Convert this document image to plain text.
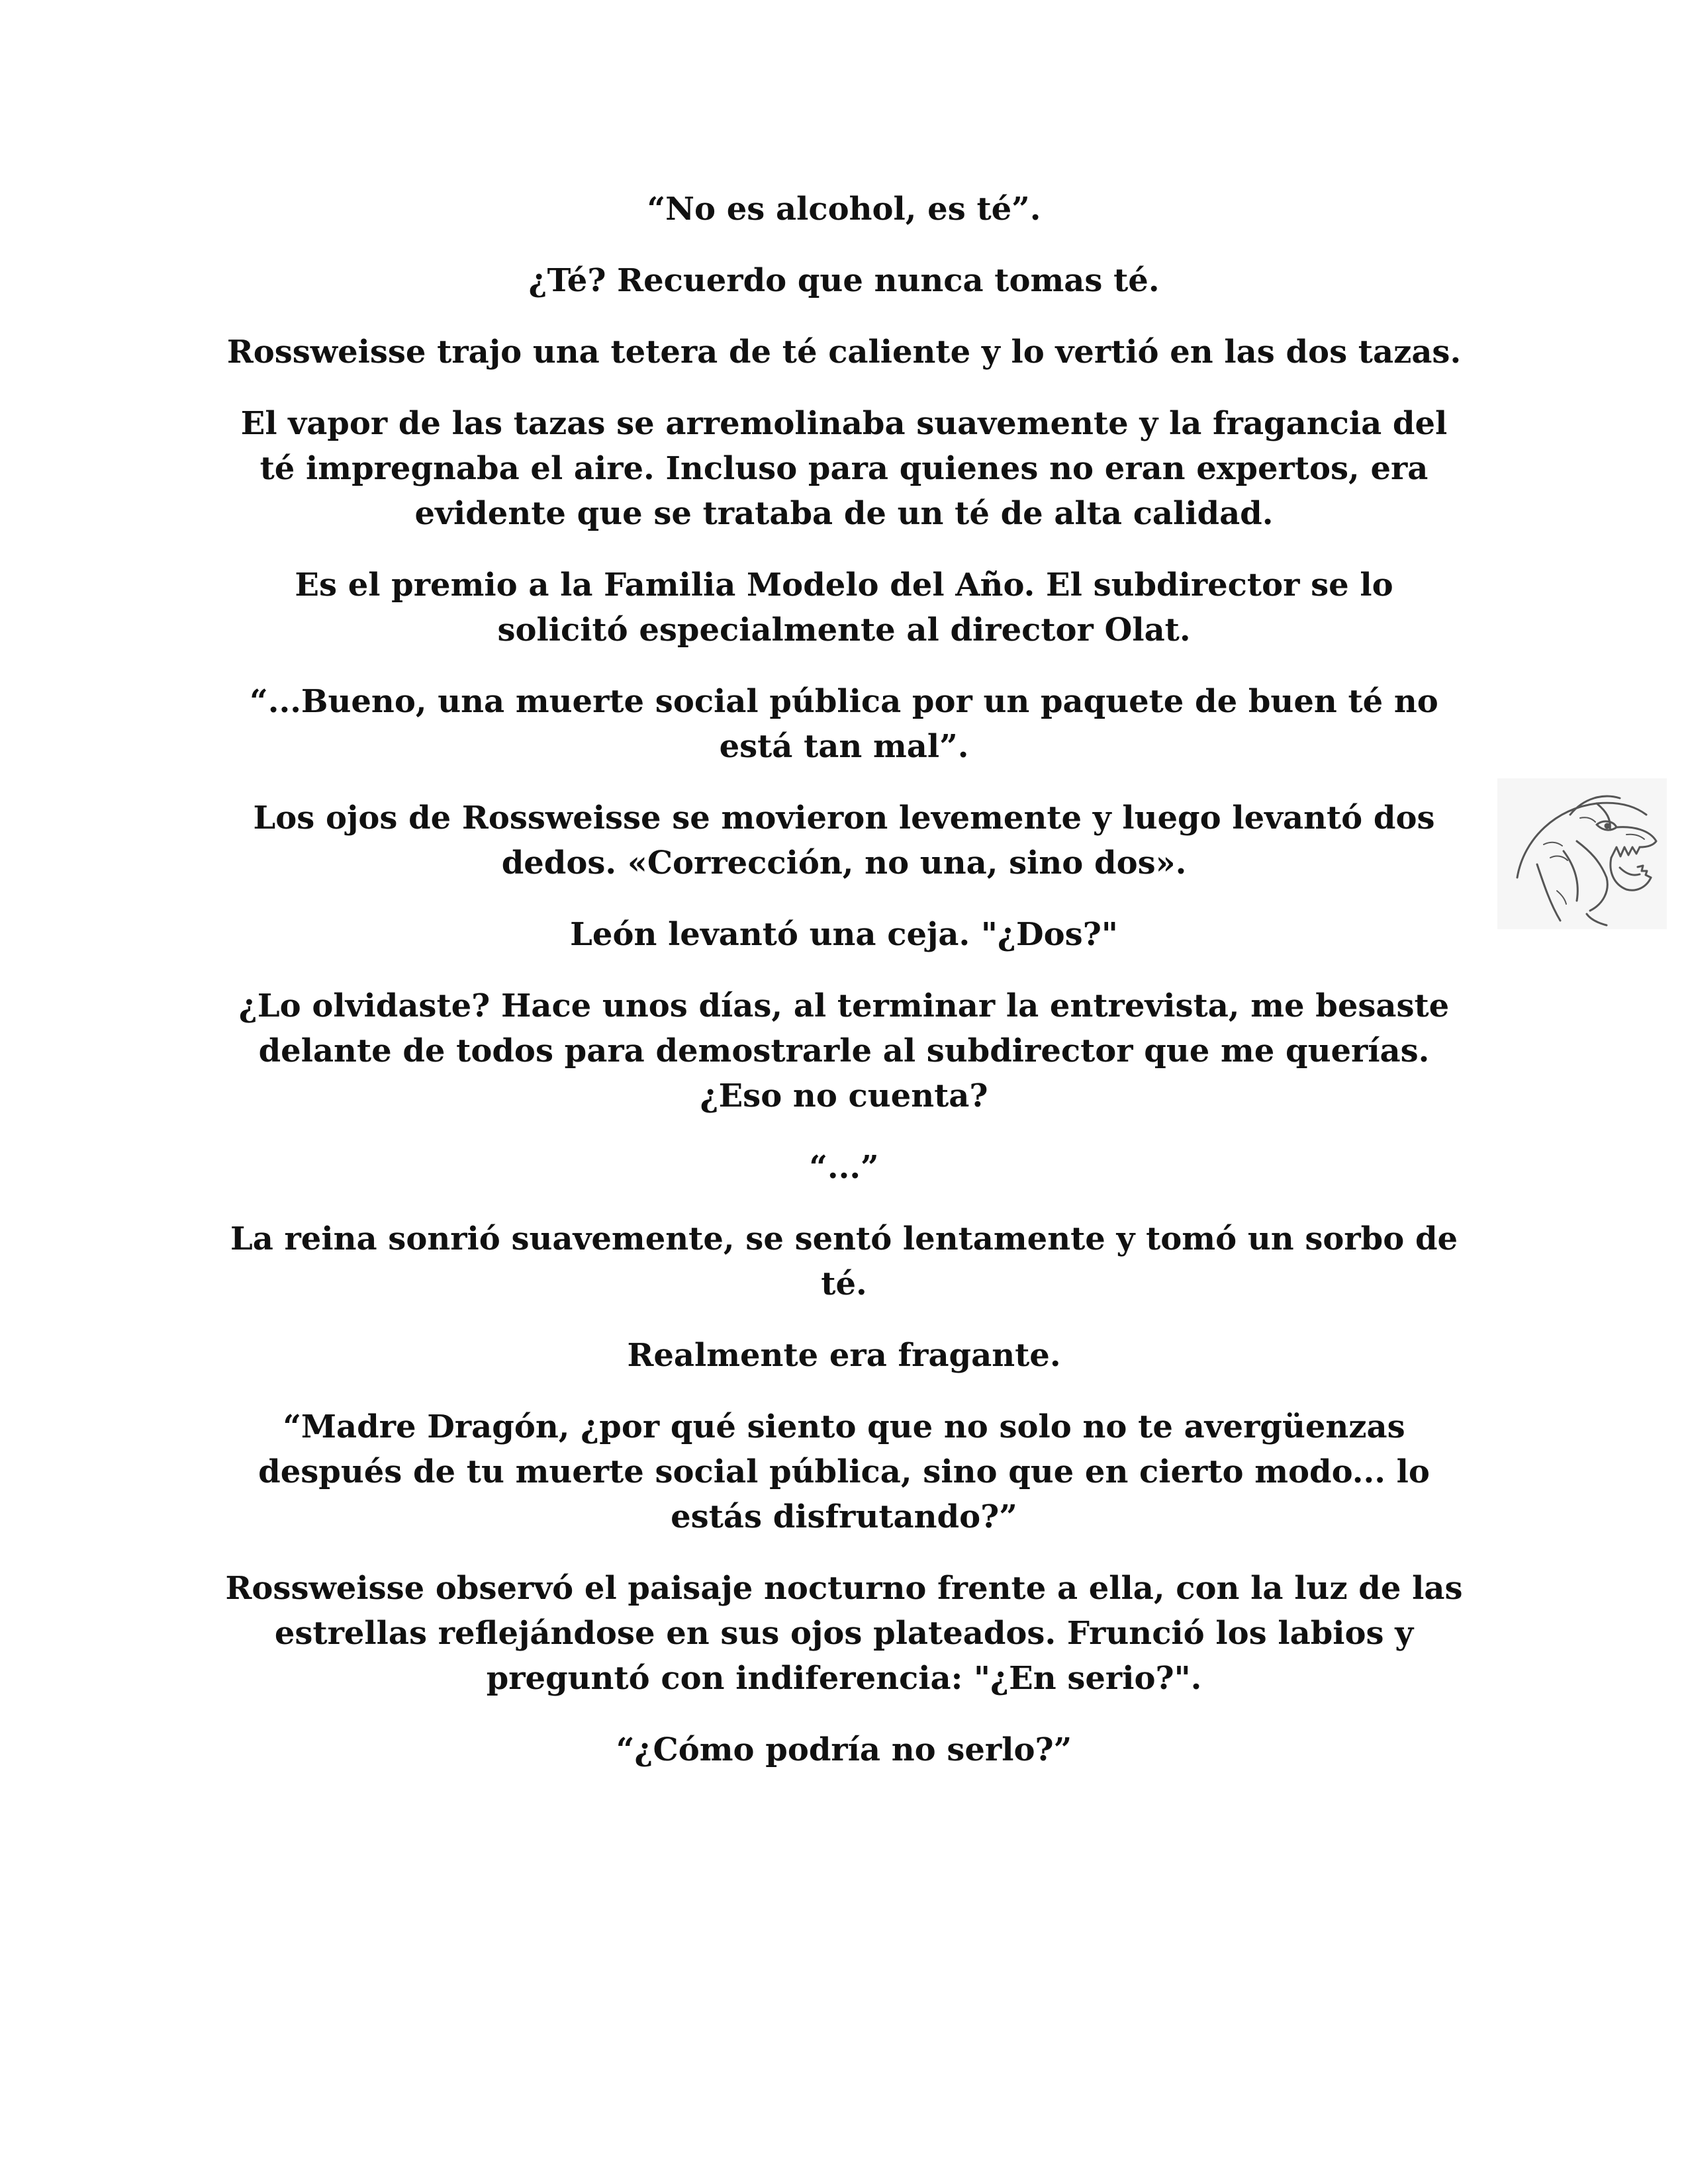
“No es alcohol, es té”.

¿Té? Recuerdo que nunca tomas té.

Rossweisse trajo una tetera de té caliente y lo vertió en las dos tazas.

El vapor de las tazas se arremolinaba suavemente y la fragancia del té impregnaba el aire. Incluso para quienes no eran expertos, era evidente que se trataba de un té de alta calidad.

Es el premio a la Familia Modelo del Año. El subdirector se lo solicitó especialmente al director Olat.

“...Bueno, una muerte social pública por un paquete de buen té no está tan mal”.

Los ojos de Rossweisse se movieron levemente y luego levantó dos dedos. «Corrección, no una, sino dos».

León levantó una ceja. "¿Dos?"

¿Lo olvidaste? Hace unos días, al terminar la entrevista, me besaste delante de todos para demostrarle al subdirector que me querías. ¿Eso no cuenta?

“...”

La reina sonrió suavemente, se sentó lentamente y tomó un sorbo de té.

Realmente era fragante.

“Madre Dragón, ¿por qué siento que no solo no te avergüenzas después de tu muerte social pública, sino que en cierto modo... lo estás disfrutando?”

Rossweisse observó el paisaje nocturno frente a ella, con la luz de las estrellas reflejándose en sus ojos plateados. Frunció los labios y preguntó con indiferencia: "¿En serio?".

“¿Cómo podría no serlo?”
